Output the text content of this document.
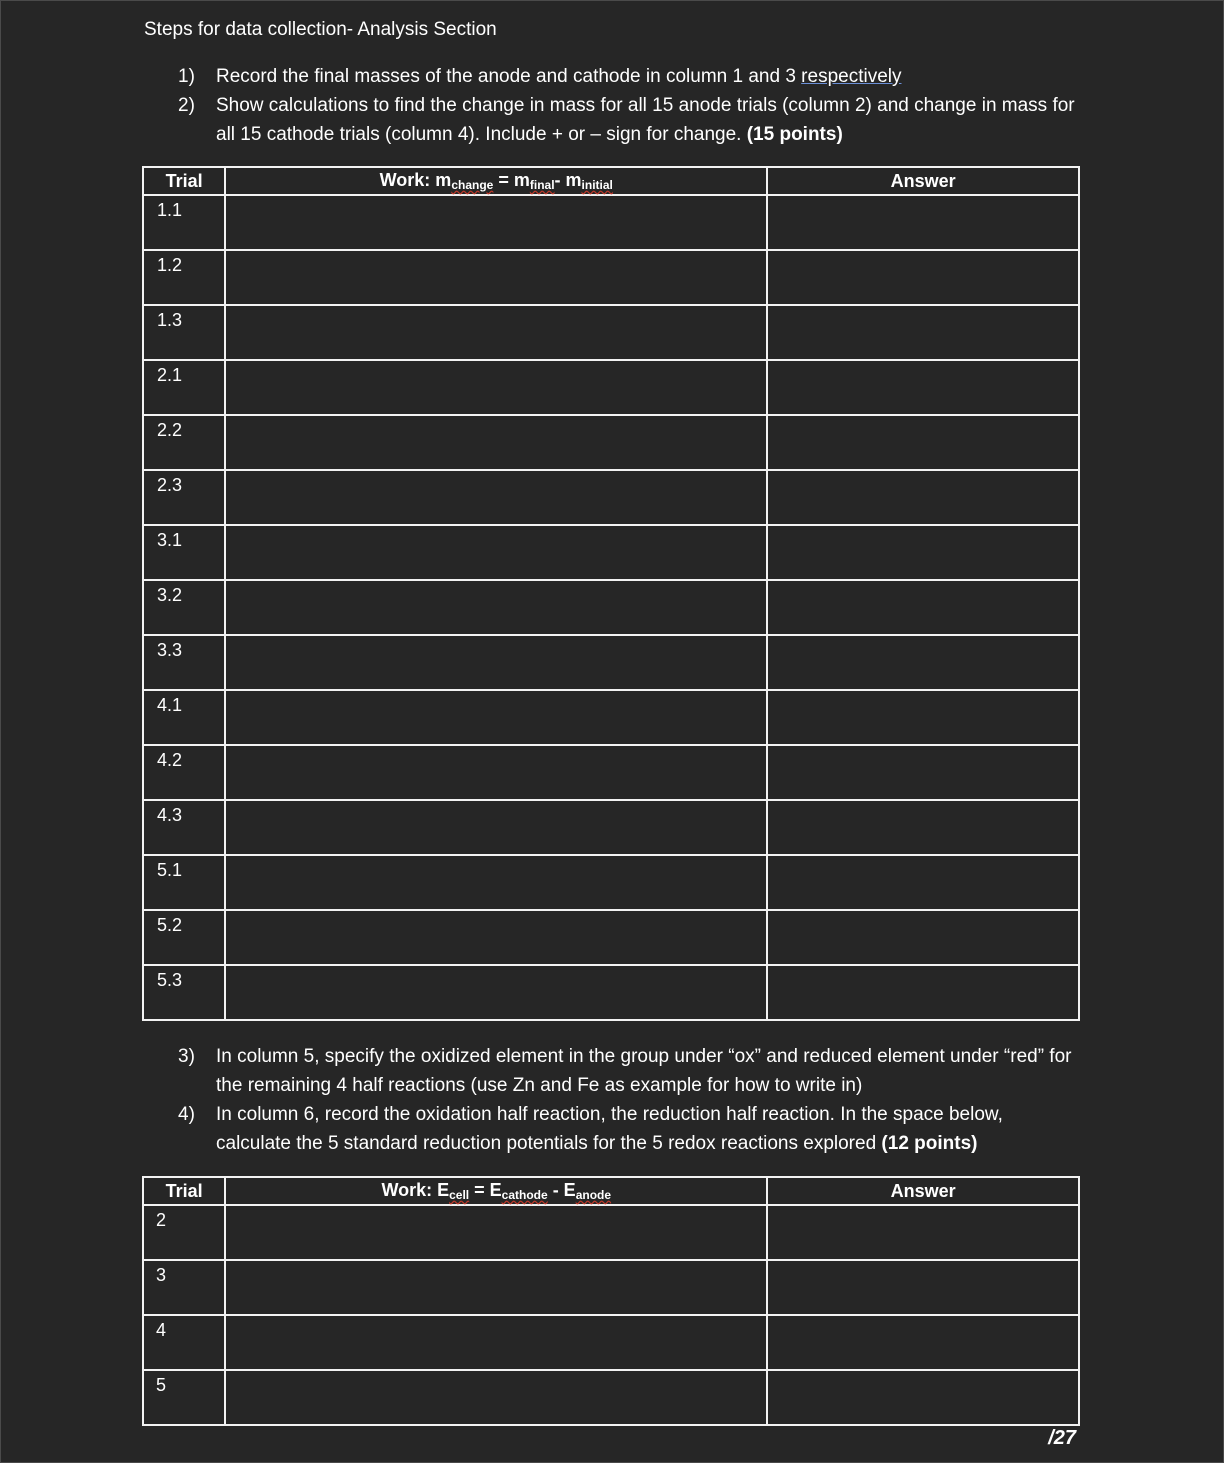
Steps for data collection- Analysis Section
1)	Record the final masses of the anode and cathode in column 1 and 3 respectively
2)	Show calculations to find the change in mass for all 15 anode trials (column 2) and change in mass for all 15 cathode trials (column 4). Include + or – sign for change. (15 points)
Trial	Work: $m_{change} = m_{final}-$ $m_{initial}$	Answer
1.1		
1.2		
1.3		
2.1		
2.2		
2.3		
3.1		
3.2		
3.3		
4.1		
4.2		
4.3		
5.1		
5.2		
5.3		
3)	In column 5, specify the oxidized element in the group under “ox” and reduced element under “red” for the remaining 4 half reactions (use Zn and Fe as example for how to write in)
4)	In column 6, record the oxidation half reaction, the reduction half reaction. In the space below, calculate the 5 standard reduction potentials for the 5 redox reactions explored (12 points)
Trial	Work: $E_{cell} = E_{cathode} - E_{anode}$	Answer
2		
3		
4		
5		
/27
